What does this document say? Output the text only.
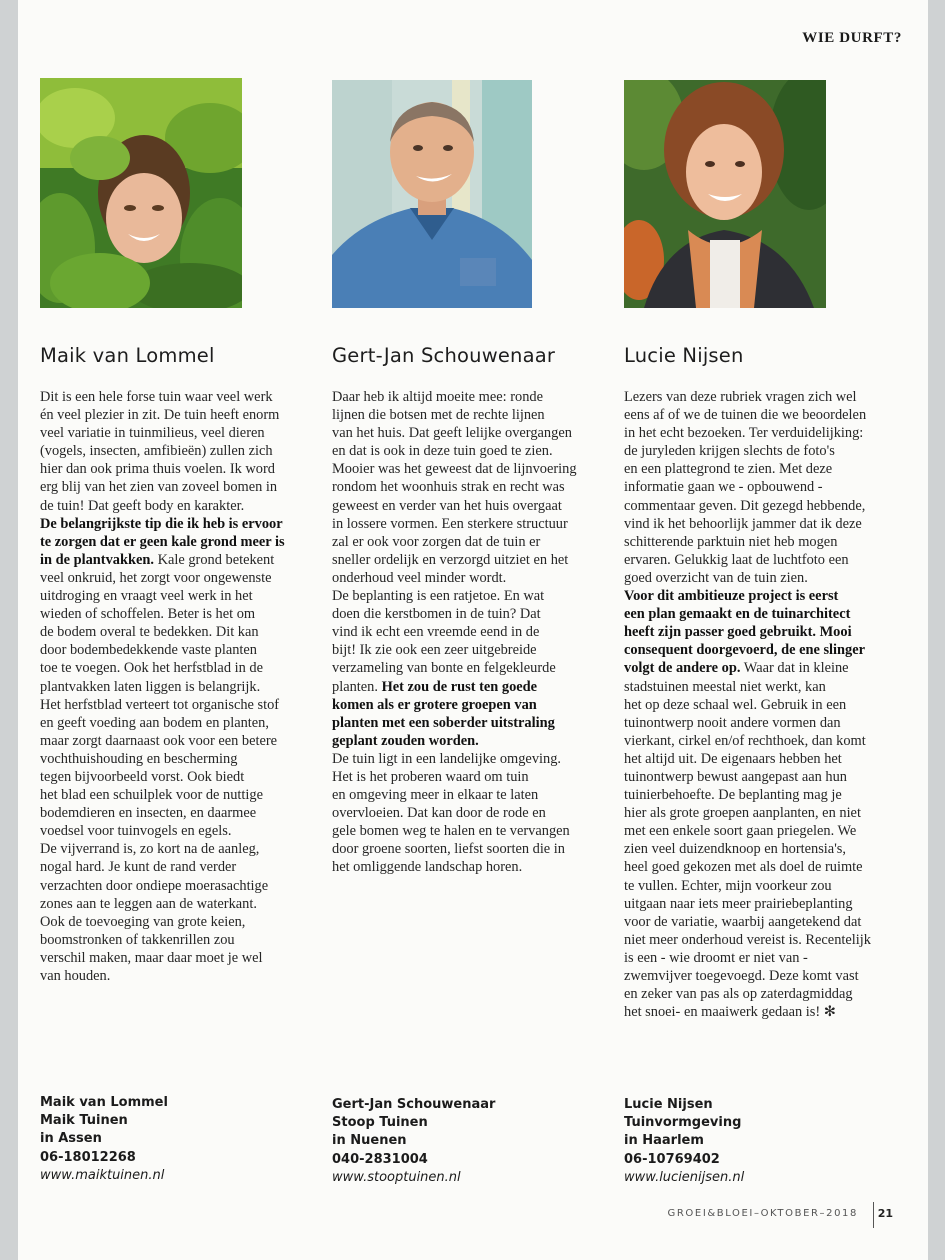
WIE DURFT?
Maik van Lommel
Dit is een hele forse tuin waar veel werk
én veel plezier in zit. De tuin heeft enorm
veel variatie in tuinmilieus, veel dieren
(vogels, insecten, amfibieën) zullen zich
hier dan ook prima thuis voelen. Ik word
erg blij van het zien van zoveel bomen in
de tuin! Dat geeft body en karakter.
De belangrijkste tip die ik heb is ervoor
te zorgen dat er geen kale grond meer is
in de plantvakken. Kale grond betekent
veel onkruid, het zorgt voor ongewenste
uitdroging en vraagt veel werk in het
wieden of schoffelen. Beter is het om
de bodem overal te bedekken. Dit kan
door bodembedekkende vaste planten
toe te voegen. Ook het herfstblad in de
plantvakken laten liggen is belangrijk.
Het herfstblad verteert tot organische stof
en geeft voeding aan bodem en planten,
maar zorgt daarnaast ook voor een betere
vochthuishouding en bescherming
tegen bijvoorbeeld vorst. Ook biedt
het blad een schuilplek voor de nuttige
bodemdieren en insecten, en daarmee
voedsel voor tuinvogels en egels.
De vijverrand is, zo kort na de aanleg,
nogal hard. Je kunt de rand verder
verzachten door ondiepe moerasachtige
zones aan te leggen aan de waterkant.
Ook de toevoeging van grote keien,
boomstronken of takkenrillen zou
verschil maken, maar daar moet je wel
van houden.
Maik van Lommel
Maik Tuinen
in Assen
06-18012268
www.maiktuinen.nl
Gert-Jan Schouwenaar
Daar heb ik altijd moeite mee: ronde
lijnen die botsen met de rechte lijnen
van het huis. Dat geeft lelijke overgangen
en dat is ook in deze tuin goed te zien.
Mooier was het geweest dat de lijnvoering
rondom het woonhuis strak en recht was
geweest en verder van het huis overgaat
in lossere vormen. Een sterkere structuur
zal er ook voor zorgen dat de tuin er
sneller ordelijk en verzorgd uitziet en het
onderhoud veel minder wordt.
De beplanting is een ratjetoe. En wat
doen die kerstbomen in de tuin? Dat
vind ik echt een vreemde eend in de
bijt! Ik zie ook een zeer uitgebreide
verzameling van bonte en felgekleurde
planten. Het zou de rust ten goede
komen als er grotere groepen van
planten met een soberder uitstraling
geplant zouden worden.
De tuin ligt in een landelijke omgeving.
Het is het proberen waard om tuin
en omgeving meer in elkaar te laten
overvloeien. Dat kan door de rode en
gele bomen weg te halen en te vervangen
door groene soorten, liefst soorten die in
het omliggende landschap horen.
Gert-Jan Schouwenaar
Stoop Tuinen
in Nuenen
040-2831004
www.stooptuinen.nl
Lucie Nijsen
Lezers van deze rubriek vragen zich wel
eens af of we de tuinen die we beoordelen
in het echt bezoeken. Ter verduidelijking:
de juryleden krijgen slechts de foto's
en een plattegrond te zien. Met deze
informatie gaan we - opbouwend -
commentaar geven. Dit gezegd hebbende,
vind ik het behoorlijk jammer dat ik deze
schitterende parktuin niet heb mogen
ervaren. Gelukkig laat de luchtfoto een
goed overzicht van de tuin zien.
Voor dit ambitieuze project is eerst
een plan gemaakt en de tuinarchitect
heeft zijn passer goed gebruikt. Mooi
consequent doorgevoerd, de ene slinger
volgt de andere op. Waar dat in kleine
stadstuinen meestal niet werkt, kan
het op deze schaal wel. Gebruik in een
tuinontwerp nooit andere vormen dan
vierkant, cirkel en/of rechthoek, dan komt
het altijd uit. De eigenaars hebben het
tuinontwerp bewust aangepast aan hun
tuinierbehoefte. De beplanting mag je
hier als grote groepen aanplanten, en niet
met een enkele soort gaan priegelen. We
zien veel duizendknoop en hortensia's,
heel goed gekozen met als doel de ruimte
te vullen. Echter, mijn voorkeur zou
uitgaan naar iets meer prairiebeplanting
voor de variatie, waarbij aangetekend dat
niet meer onderhoud vereist is. Recentelijk
is een - wie droomt er niet van -
zwemvijver toegevoegd. Deze komt vast
en zeker van pas als op zaterdagmiddag
het snoei- en maaiwerk gedaan is! ✻
Lucie Nijsen
Tuinvormgeving
in Haarlem
06-10769402
www.lucienijsen.nl
GROEI&BLOEI–OKTOBER–2018 21
